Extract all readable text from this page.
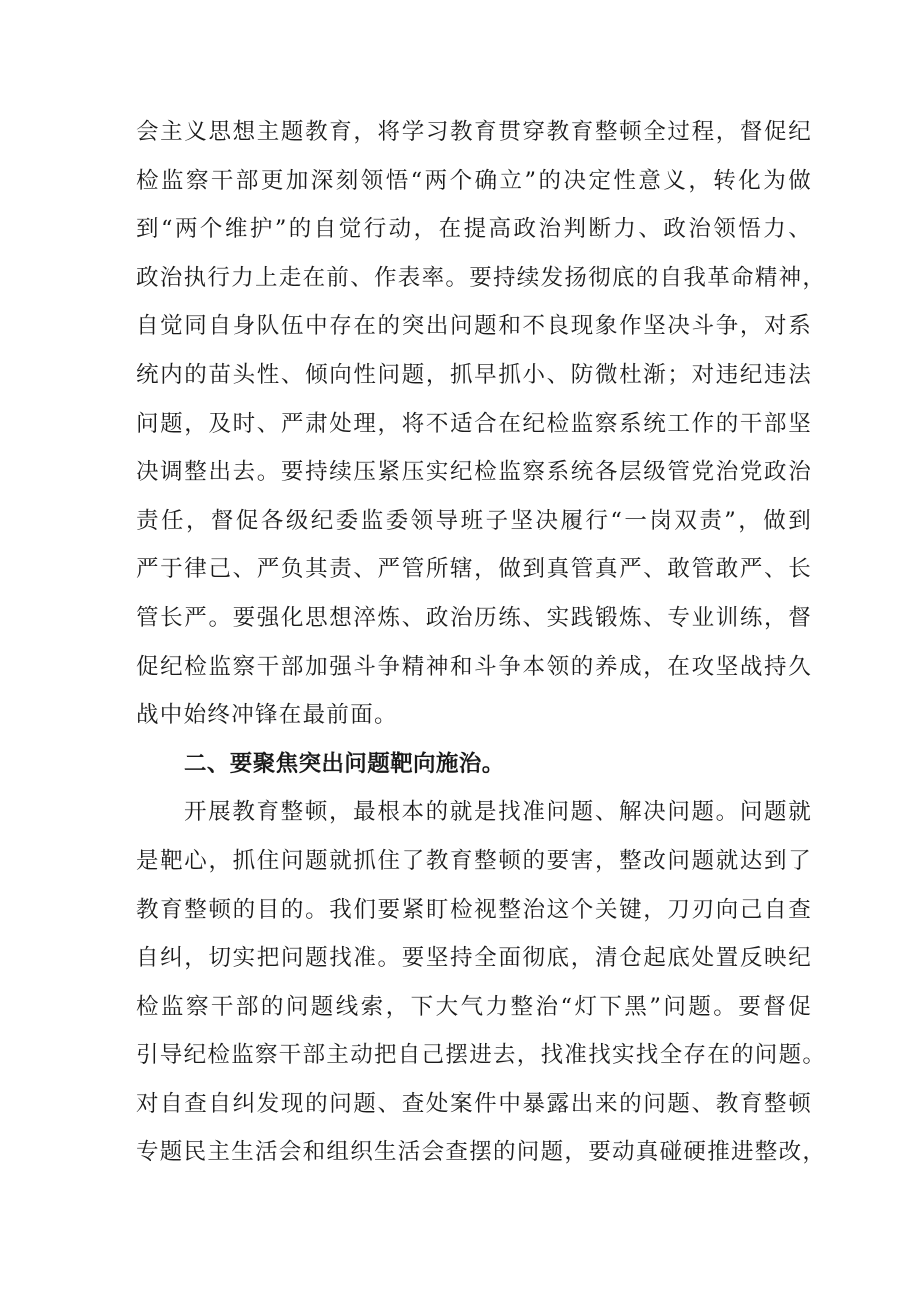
会主义思想主题教育，将学习教育贯穿教育整顿全过程，督促纪
检监察干部更加深刻领悟“两个确立”的决定性意义，转化为做
到“两个维护”的自觉行动，在提高政治判断力、政治领悟力、
政治执行力上走在前、作表率。要持续发扬彻底的自我革命精神，
自觉同自身队伍中存在的突出问题和不良现象作坚决斗争，对系
统内的苗头性、倾向性问题，抓早抓小、防微杜渐；对违纪违法
问题，及时、严肃处理，将不适合在纪检监察系统工作的干部坚
决调整出去。要持续压紧压实纪检监察系统各层级管党治党政治
责任，督促各级纪委监委领导班子坚决履行“一岗双责”，做到
严于律己、严负其责、严管所辖，做到真管真严、敢管敢严、长
管长严。要强化思想淬炼、政治历练、实践锻炼、专业训练，督
促纪检监察干部加强斗争精神和斗争本领的养成，在攻坚战持久
战中始终冲锋在最前面。
二、要聚焦突出问题靶向施治。
开展教育整顿，最根本的就是找准问题、解决问题。问题就
是靶心，抓住问题就抓住了教育整顿的要害，整改问题就达到了
教育整顿的目的。我们要紧盯检视整治这个关键，刀刃向己自查
自纠，切实把问题找准。要坚持全面彻底，清仓起底处置反映纪
检监察干部的问题线索，下大气力整治“灯下黑”问题。要督促
引导纪检监察干部主动把自己摆进去，找准找实找全存在的问题。
对自查自纠发现的问题、查处案件中暴露出来的问题、教育整顿
专题民主生活会和组织生活会查摆的问题，要动真碰硬推进整改，
